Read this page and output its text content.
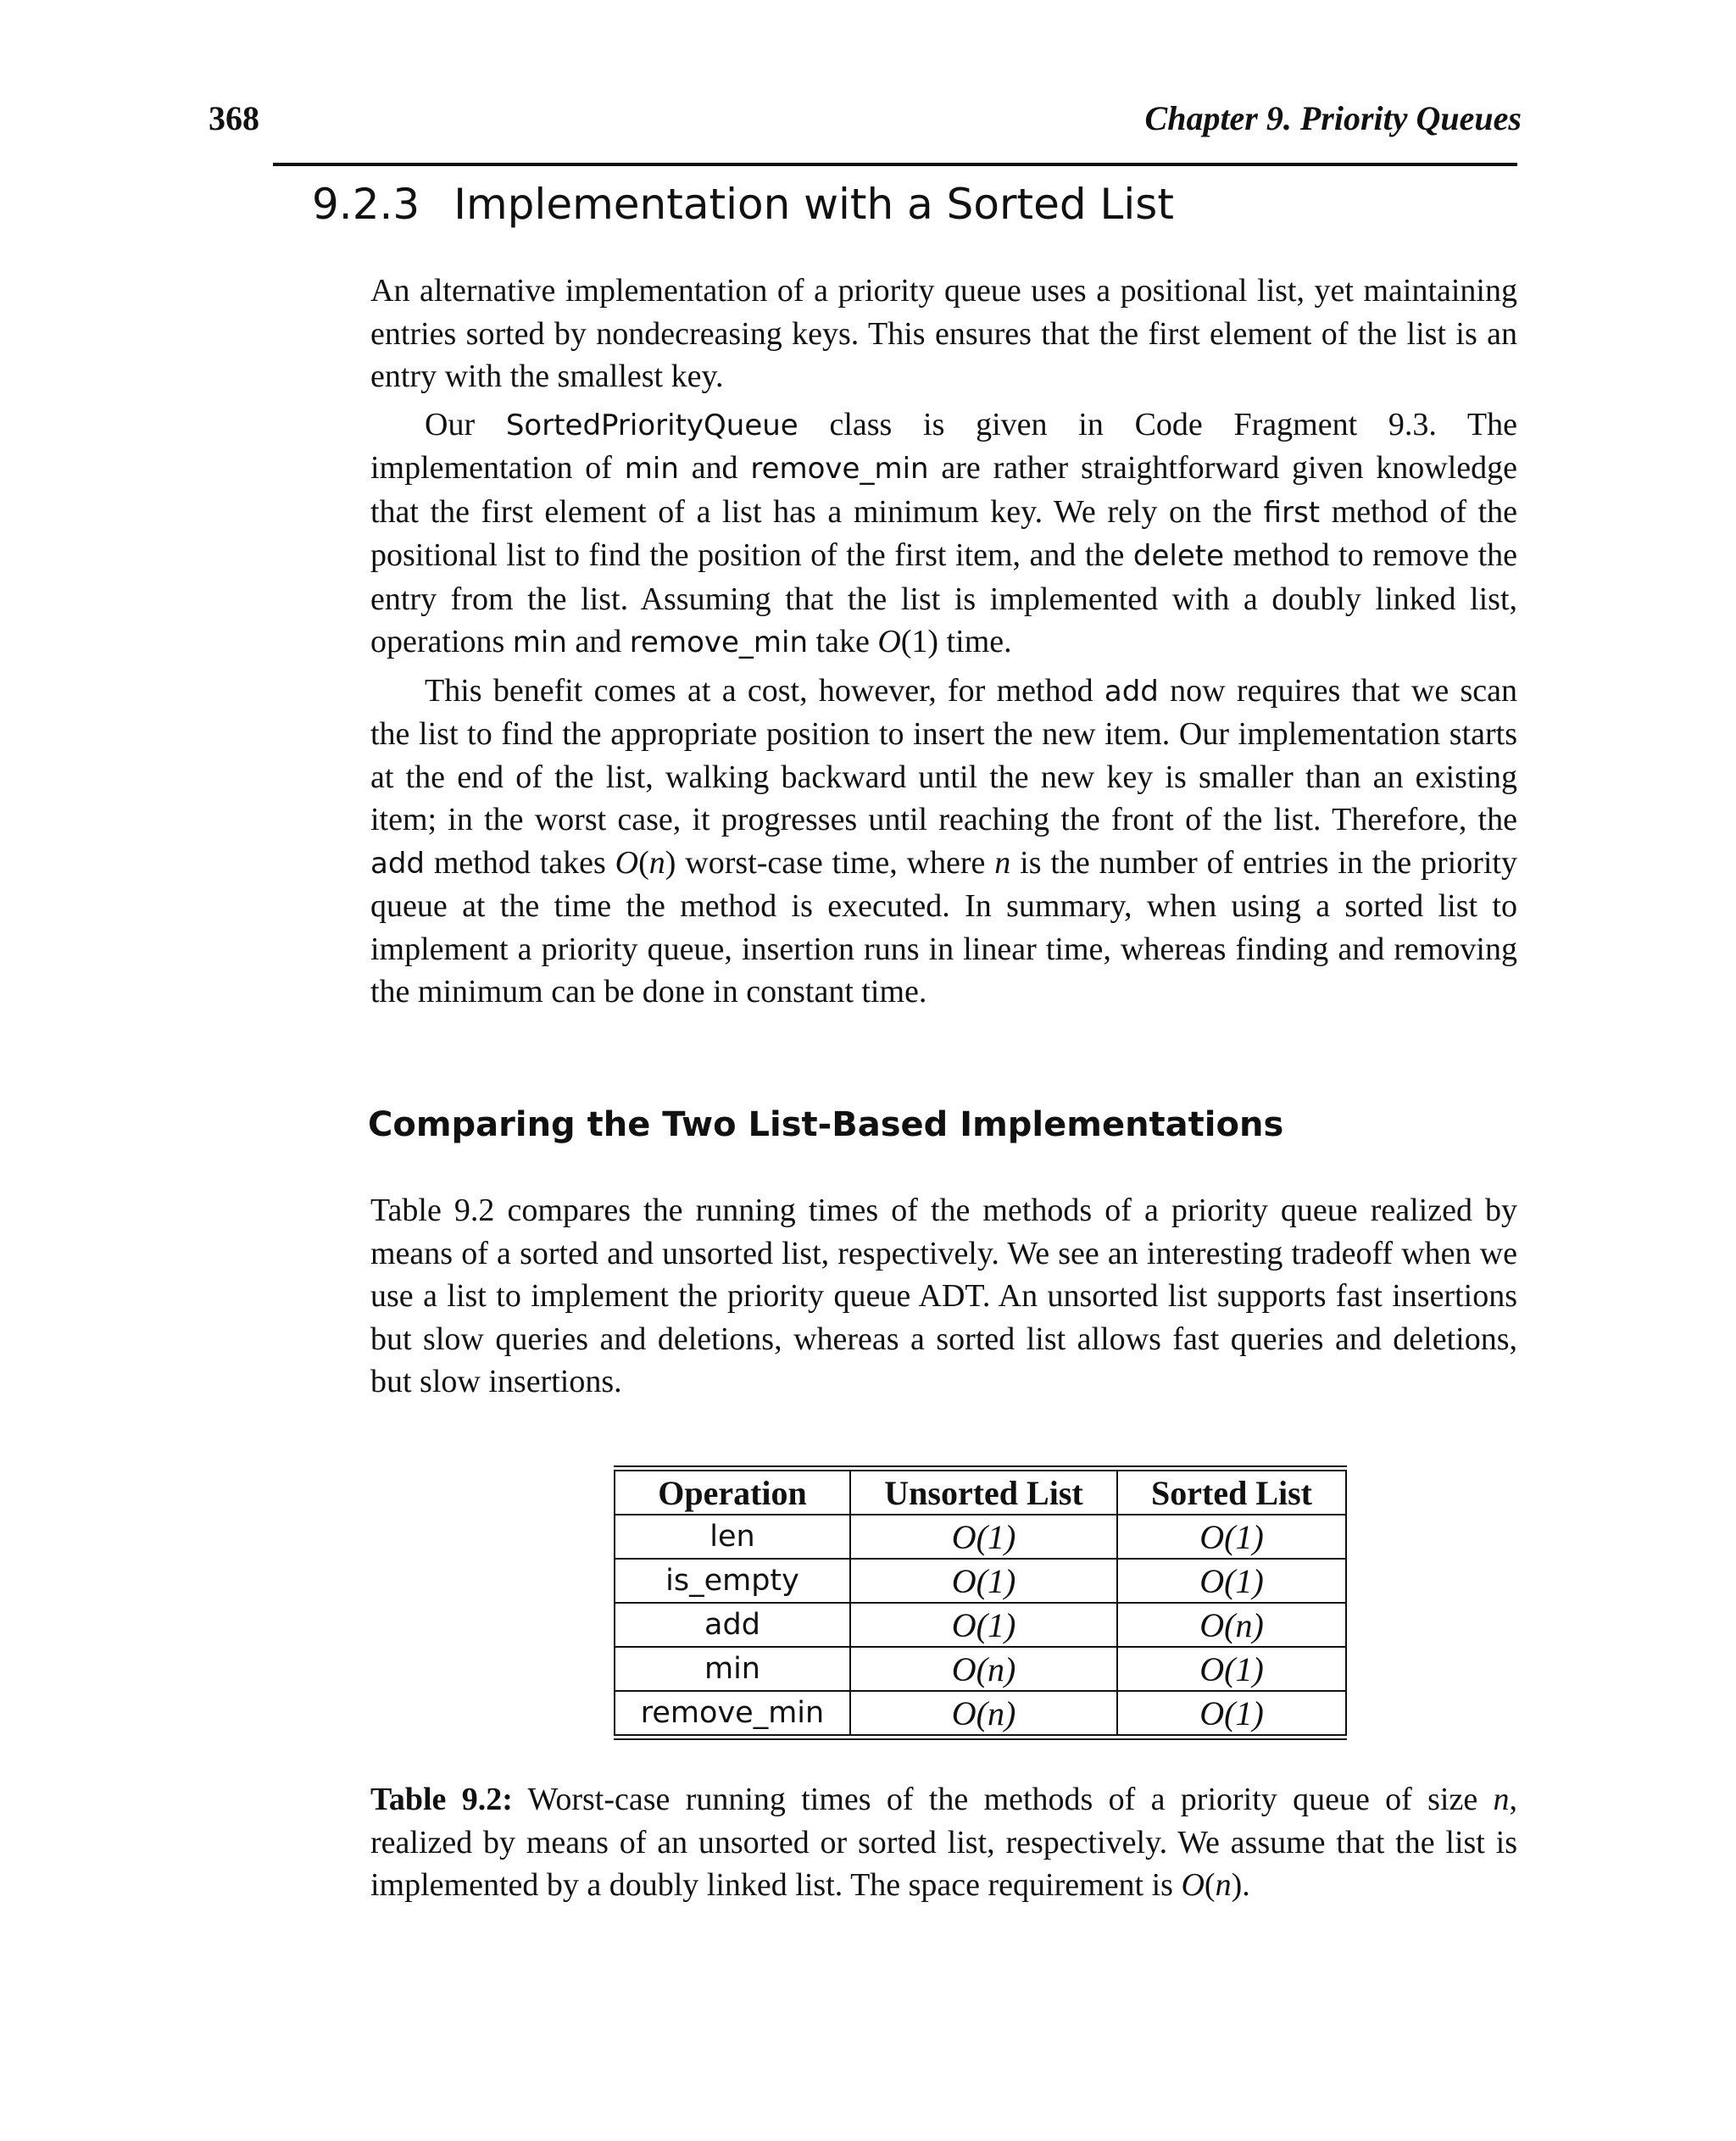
368	Chapter 9. Priority Queues
9.2.3 Implementation with a Sorted List

An alternative implementation of a priority queue uses a positional list, yet maintaining entries sorted by nondecreasing keys. This ensures that the first element of the list is an entry with the smallest key.

Our SortedPriorityQueue class is given in Code Fragment 9.3. The implementation of min and remove_min are rather straightforward given knowledge that the first element of a list has a minimum key. We rely on the first method of the positional list to find the position of the first item, and the delete method to remove the entry from the list. Assuming that the list is implemented with a doubly linked list, operations min and remove_min take O(1) time.

This benefit comes at a cost, however, for method add now requires that we scan the list to find the appropriate position to insert the new item. Our implementation starts at the end of the list, walking backward until the new key is smaller than an existing item; in the worst case, it progresses until reaching the front of the list. Therefore, the add method takes O(n) worst-case time, where n is the number of entries in the priority queue at the time the method is executed. In summary, when using a sorted list to implement a priority queue, insertion runs in linear time, whereas finding and removing the minimum can be done in constant time.

Comparing the Two List-Based Implementations

Table 9.2 compares the running times of the methods of a priority queue realized by means of a sorted and unsorted list, respectively. We see an interesting tradeoff when we use a list to implement the priority queue ADT. An unsorted list supports fast insertions but slow queries and deletions, whereas a sorted list allows fast queries and deletions, but slow insertions.

Operation	Unsorted List	Sorted List
len	O(1)	O(1)
is_empty	O(1)	O(1)
add	O(1)	O(n)
min	O(n)	O(1)
remove_min	O(n)	O(1)

Table 9.2: Worst-case running times of the methods of a priority queue of size n, realized by means of an unsorted or sorted list, respectively. We assume that the list is implemented by a doubly linked list. The space requirement is O(n).
